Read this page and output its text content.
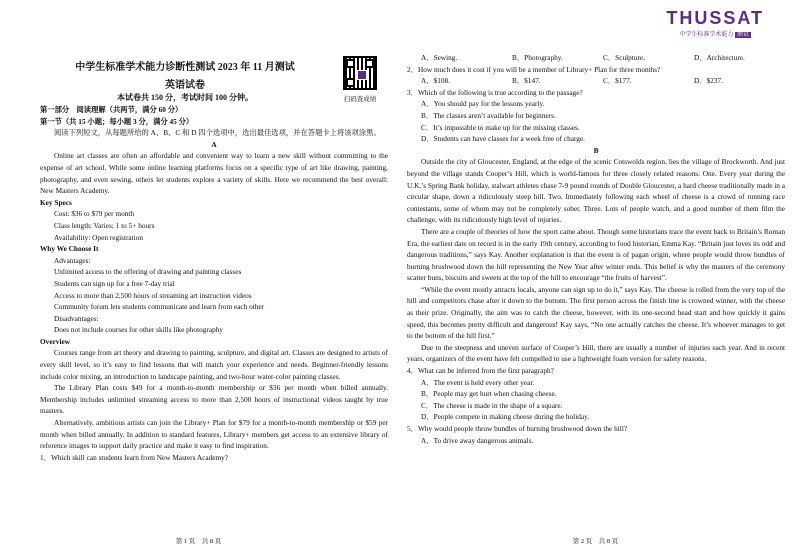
中学生标准学术能力诊断性测试 2023 年 11 月测试
英语试卷
本试卷共 150 分，考试时间 100 分钟。	扫码查成绩
第一部分　阅读理解（共两节，满分 60 分）
第一节（共 15 小题；每小题 3 分，满分 45 分）

阅读下列短文，从每题所给的 A、B、C 和 D 四个选项中，选出最佳选项，并在答题卡上将该项涂黑。

A

Online art classes are often an affordable and convenient way to learn a new skill without committing to the expense of art school. While some online learning platforms focus on a specific type of art like drawing, painting, photography, and even sewing, others let students explore a variety of skills. Here we recommend the best overall: New Masters Academy.

Key Specs
Cost: $36 to $79 per month
Class length: Varies; 1 to 5+ hours
Availability: Open registration
Why We Choose It
Advantages:
Unlimited access to the offering of drawing and painting classes
Students can sign up for a free 7-day trial
Access to more than 2,500 hours of streaming art instruction videos
Community forum lets students communicate and learn from each other
Disadvantages:
Does not include courses for other skills like photography
Overview

Courses range from art theory and drawing to painting, sculpture, and digital art. Classes are designed to artists of every skill level, so it’s easy to find lessons that will match your experience and needs. Beginner-friendly lessons include color mixing, an introduction to landscape painting, and two-hour water-color painting classes.

The Library Plan costs $49 for a month-to-month membership or $36 per month when billed annually. Membership includes unlimited streaming access to more than 2,500 hours of instructional videos taught by true masters.

Alternatively, ambitious artists can join the Library+ Plan for $79 for a month-to-month membership or $59 per month when billed annually. In addition to standard features, Library+ members get access to an extensive library of reference images to support daily practice and make it easy to find inspiration.

1．Which skill can students learn from New Masters Academy?
第 1 页　共 8 页
THUSSAT
中学生标准学术能力 测试
A．Sewing.	B．Photography.	C．Sculpture.	D．Architecture.
2．How much does it cost if you will be a member of Library+ Plan for three months?
A．$108.	B．$147.	C．$177.	D．$237.
3．Which of the following is true according to the passage?
A．You should pay for the lessons yearly.
B．The classes aren’t available for beginners.
C．It’s impossible to make up for the missing classes.
D．Students can have classes for a week free of charge.
B

Outside the city of Gloucester, England, at the edge of the scenic Cotswolds region, lies the village of Brockworth. And just beyond the village stands Cooper’s Hill, which is world-famous for three closely related reasons: One. Every year during the U.K.’s Spring Bank holiday, stalwart athletes chase 7-9 pound rounds of Double Gloucester, a hard cheese traditionally made in a circular shape, down a ridiculously steep hill. Two. Immediately following each wheel of cheese is a crowd of running race contestants, some of whom may not be completely sober. Three. Lots of people watch, and a good number of them film the challenge, with its ridiculously high level of injuries.

There are a couple of theories of how the sport came about. Though some historians trace the event back to Britain’s Roman Era, the earliest date on record is in the early 19th century, according to food historian, Emma Kay. “Britain just loves its odd and dangerous traditions,” says Kay. Another explanation is that the event is of pagan origin, where people would throw bundles of burning brushwood down the hill representing the New Year after winter ends. This belief is why the masters of the ceremony scatter buns, biscuits and sweets at the top of the hill to encourage “the fruits of harvest”.

“While the event mostly attracts locals, anyone can sign up to do it,” says Kay. The cheese is rolled from the very top of the hill and competitors chase after it down to the bottom. The first person across the finish line is crowned winner, with the cheese as their prize. Originally, the aim was to catch the cheese, however, with its one-second head start and how quickly it gains speed, this becomes pretty difficult and dangerous! Kay says, “No one actually catches the cheese. It’s whoever manages to get to the bottom of the hill first.”

Due to the steepness and uneven surface of Cooper’s Hill, there are usually a number of injuries each year. And in recent years, organizers of the event have felt compelled to use a lightweight foam version for safety reasons.

4．What can be inferred from the first paragraph?
A．The event is held every other year.
B．People may get hurt when chasing cheese.
C．The cheese is made in the shape of a square.
D．People compete in making cheese during the holiday.
5．Why would people throw bundles of burning brushwood down the hill?
A．To drive away dangerous animals.
第 2 页　共 8 页
